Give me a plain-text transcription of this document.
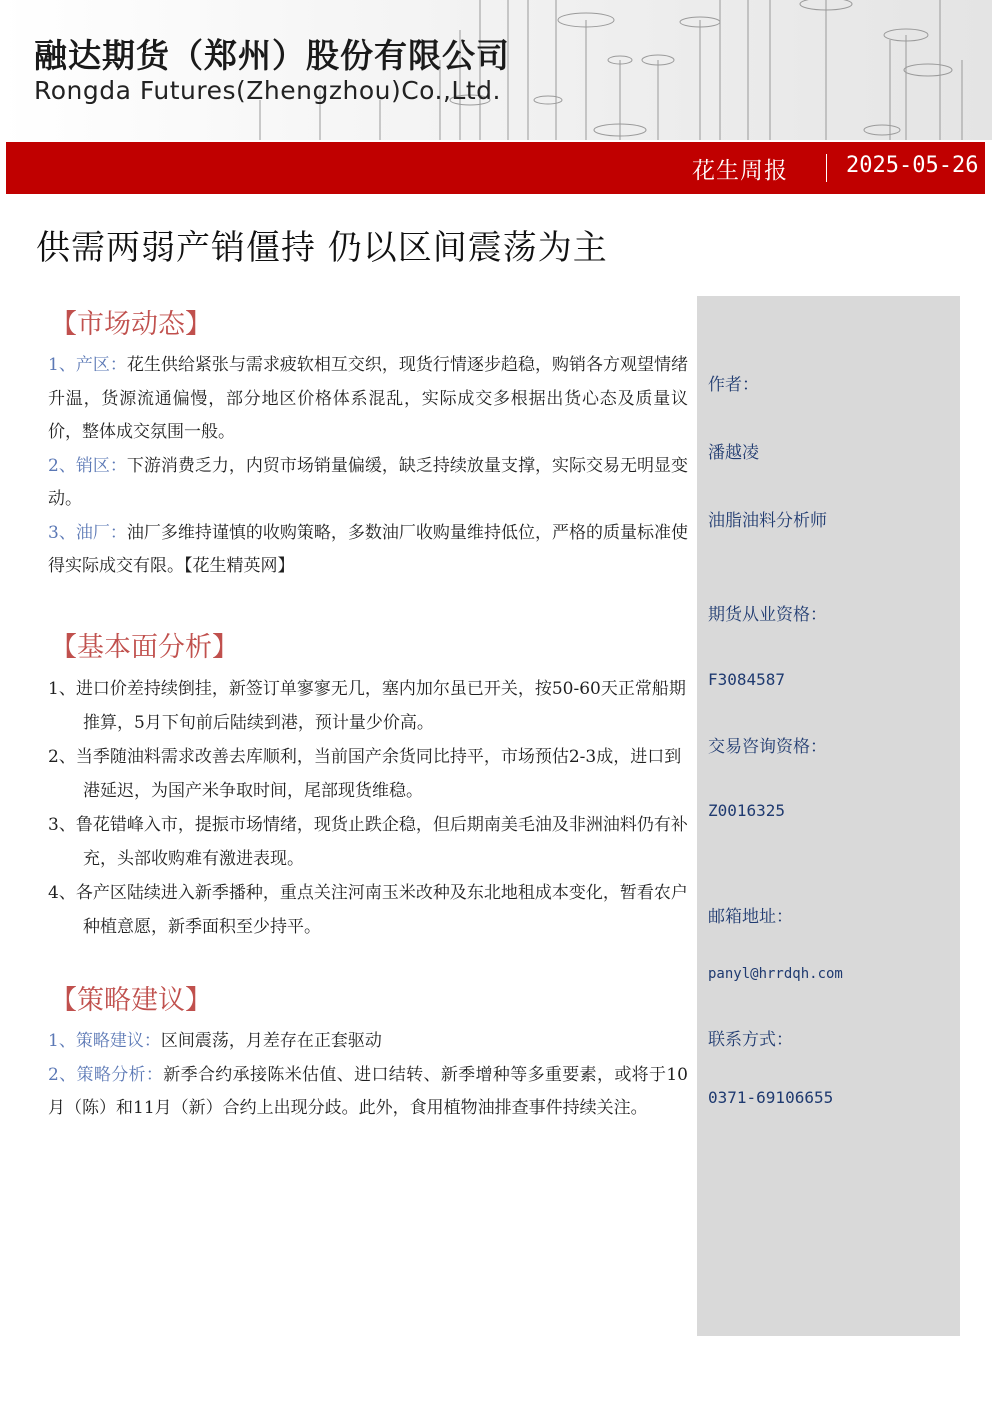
融达期货（郑州）股份有限公司
Rongda Futures(Zhengzhou)Co.,Ltd.
花生周报	2025-05-26
供需两弱产销僵持 仍以区间震荡为主
作者：
潘越凌
油脂油料分析师
期货从业资格：
F3084587
交易咨询资格：
Z0016325
邮箱地址：
panyl@hrrdqh.com
联系方式：
0371-69106655
【市场动态】
1、产区：花生供给紧张与需求疲软相互交织，现货行情逐步趋稳，购销各方观望情绪升温，货源流通偏慢，部分地区价格体系混乱，实际成交多根据出货心态及质量议价，整体成交氛围一般。
2、销区：下游消费乏力，内贸市场销量偏缓，缺乏持续放量支撑，实际交易无明显变动。
3、油厂：油厂多维持谨慎的收购策略，多数油厂收购量维持低位，严格的质量标准使得实际成交有限。【花生精英网】
【基本面分析】
1、进口价差持续倒挂，新签订单寥寥无几，塞内加尔虽已开关，按50-60天正常船期推算，5月下旬前后陆续到港，预计量少价高。
2、当季随油料需求改善去库顺利，当前国产余货同比持平，市场预估2-3成，进口到港延迟，为国产米争取时间，尾部现货维稳。
3、鲁花错峰入市，提振市场情绪，现货止跌企稳，但后期南美毛油及非洲油料仍有补充，头部收购难有激进表现。
4、各产区陆续进入新季播种，重点关注河南玉米改种及东北地租成本变化，暂看农户种植意愿，新季面积至少持平。
【策略建议】
1、策略建议：区间震荡，月差存在正套驱动
2、策略分析：新季合约承接陈米估值、进口结转、新季增种等多重要素，或将于10月（陈）和11月（新）合约上出现分歧。此外，食用植物油排查事件持续关注。
